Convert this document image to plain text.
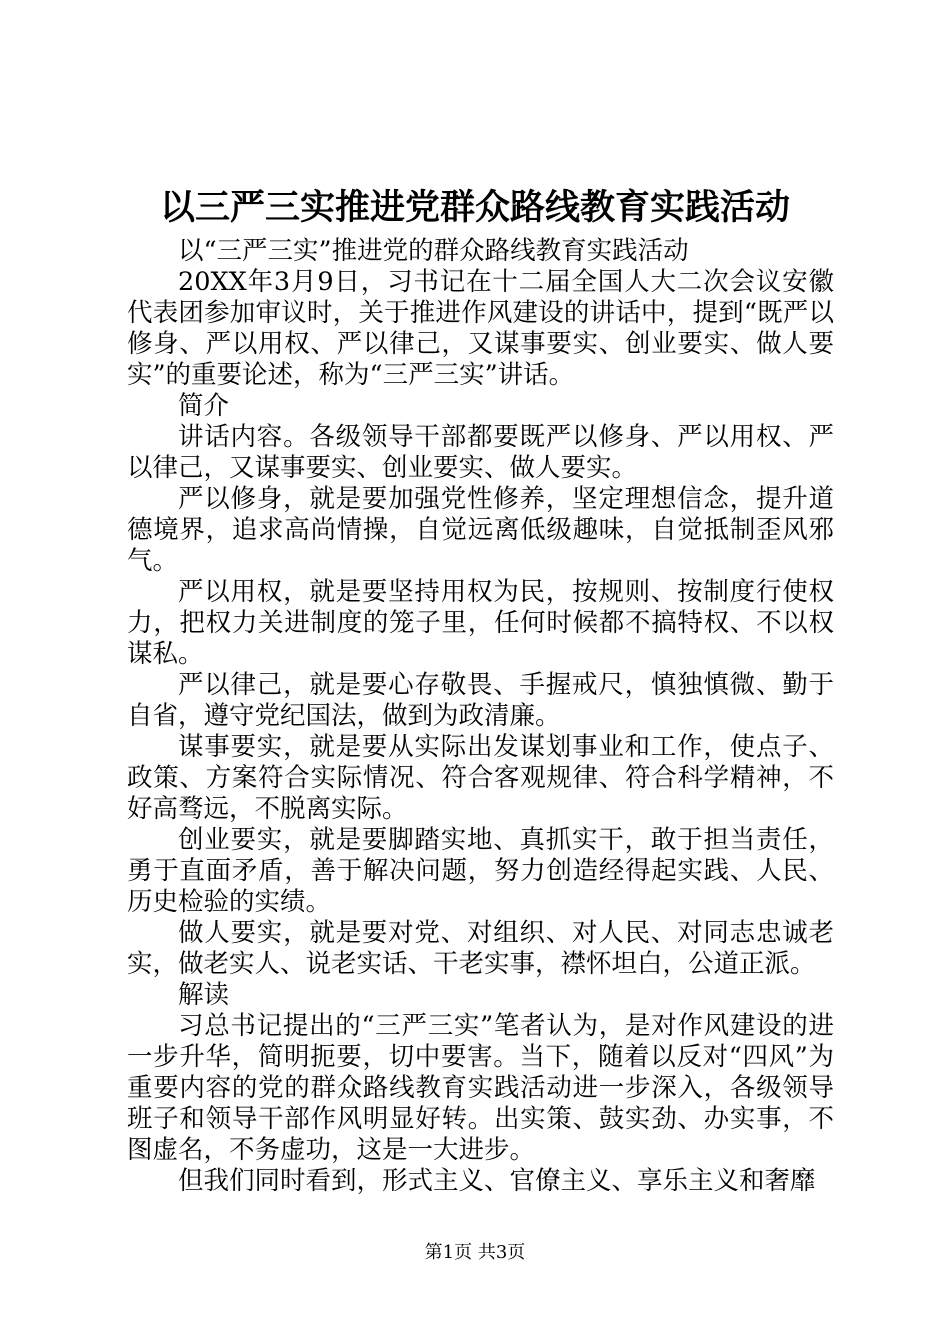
以三严三实推进党群众路线教育实践活动

以“三严三实”推进党的群众路线教育实践活动

20XX年3月9日，习书记在十二届全国人大二次会议安徽代表团参加审议时，关于推进作风建设的讲话中，提到“既严以修身、严以用权、严以律己，又谋事要实、创业要实、做人要实”的重要论述，称为“三严三实”讲话。

简介

讲话内容。各级领导干部都要既严以修身、严以用权、严以律己，又谋事要实、创业要实、做人要实。

严以修身，就是要加强党性修养，坚定理想信念，提升道德境界，追求高尚情操，自觉远离低级趣味，自觉抵制歪风邪气。

严以用权，就是要坚持用权为民，按规则、按制度行使权力，把权力关进制度的笼子里，任何时候都不搞特权、不以权谋私。

严以律己，就是要心存敬畏、手握戒尺，慎独慎微、勤于自省，遵守党纪国法，做到为政清廉。

谋事要实，就是要从实际出发谋划事业和工作，使点子、政策、方案符合实际情况、符合客观规律、符合科学精神，不好高骛远，不脱离实际。

创业要实，就是要脚踏实地、真抓实干，敢于担当责任，勇于直面矛盾，善于解决问题，努力创造经得起实践、人民、历史检验的实绩。

做人要实，就是要对党、对组织、对人民、对同志忠诚老实，做老实人、说老实话、干老实事，襟怀坦白，公道正派。

解读

习总书记提出的“三严三实”笔者认为，是对作风建设的进一步升华，简明扼要，切中要害。当下，随着以反对“四风”为重要内容的党的群众路线教育实践活动进一步深入，各级领导班子和领导干部作风明显好转。出实策、鼓实劲、办实事，不图虚名，不务虚功，这是一大进步。

但我们同时看到，形式主义、官僚主义、享乐主义和奢靡

第1页 共3页
